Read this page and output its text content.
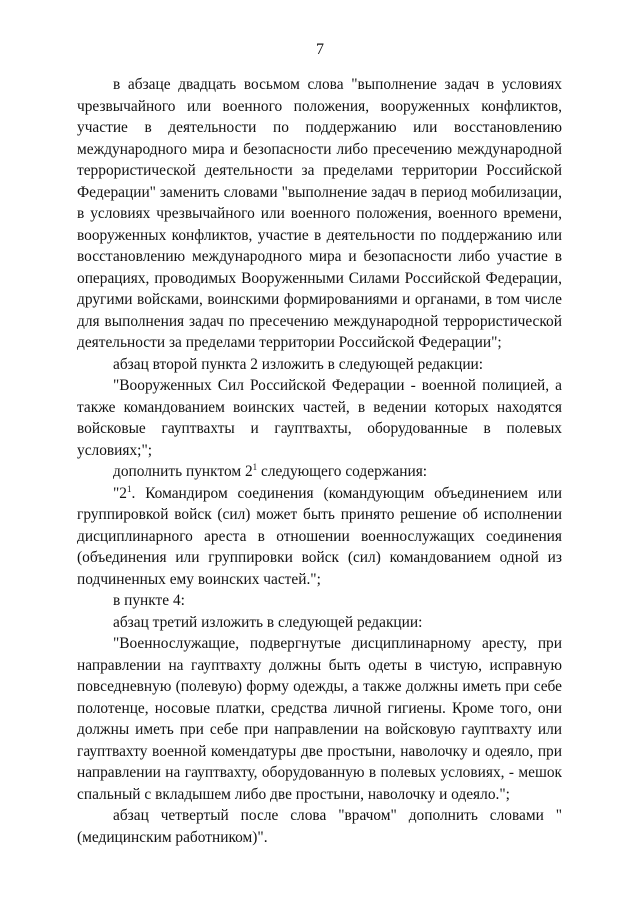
7

в абзаце двадцать восьмом слова "выполнение задач в условиях чрезвычайного или военного положения, вооруженных конфликтов, участие в деятельности по поддержанию или восстановлению международного мира и безопасности либо пресечению международной террористической деятельности за пределами территории Российской Федерации" заменить словами "выполнение задач в период мобилизации, в условиях чрезвычайного или военного положения, военного времени, вооруженных конфликтов, участие в деятельности по поддержанию или восстановлению международного мира и безопасности либо участие в операциях, проводимых Вооруженными Силами Российской Федерации, другими войсками, воинскими формированиями и органами, в том числе для выполнения задач по пресечению международной террористической деятельности за пределами территории Российской Федерации";

абзац второй пункта 2 изложить в следующей редакции:

"Вооруженных Сил Российской Федерации - военной полицией, а также командованием воинских частей, в ведении которых находятся войсковые гауптвахты и гауптвахты, оборудованные в полевых условиях;";

дополнить пунктом $2^1$ следующего содержания:

"$2^1$. Командиром соединения (командующим объединением или группировкой войск (сил) может быть принято решение об исполнении дисциплинарного ареста в отношении военнослужащих соединения (объединения или группировки войск (сил) командованием одной из подчиненных ему воинских частей.";

в пункте 4:

абзац третий изложить в следующей редакции:

"Военнослужащие, подвергнутые дисциплинарному аресту, при направлении на гауптвахту должны быть одеты в чистую, исправную повседневную (полевую) форму одежды, а также должны иметь при себе полотенце, носовые платки, средства личной гигиены. Кроме того, они должны иметь при себе при направлении на войсковую гауптвахту или гауптвахту военной комендатуры две простыни, наволочку и одеяло, при направлении на гауптвахту, оборудованную в полевых условиях, - мешок спальный с вкладышем либо две простыни, наволочку и одеяло.";

абзац четвертый после слова "врачом" дополнить словами "(медицинским работником)".
